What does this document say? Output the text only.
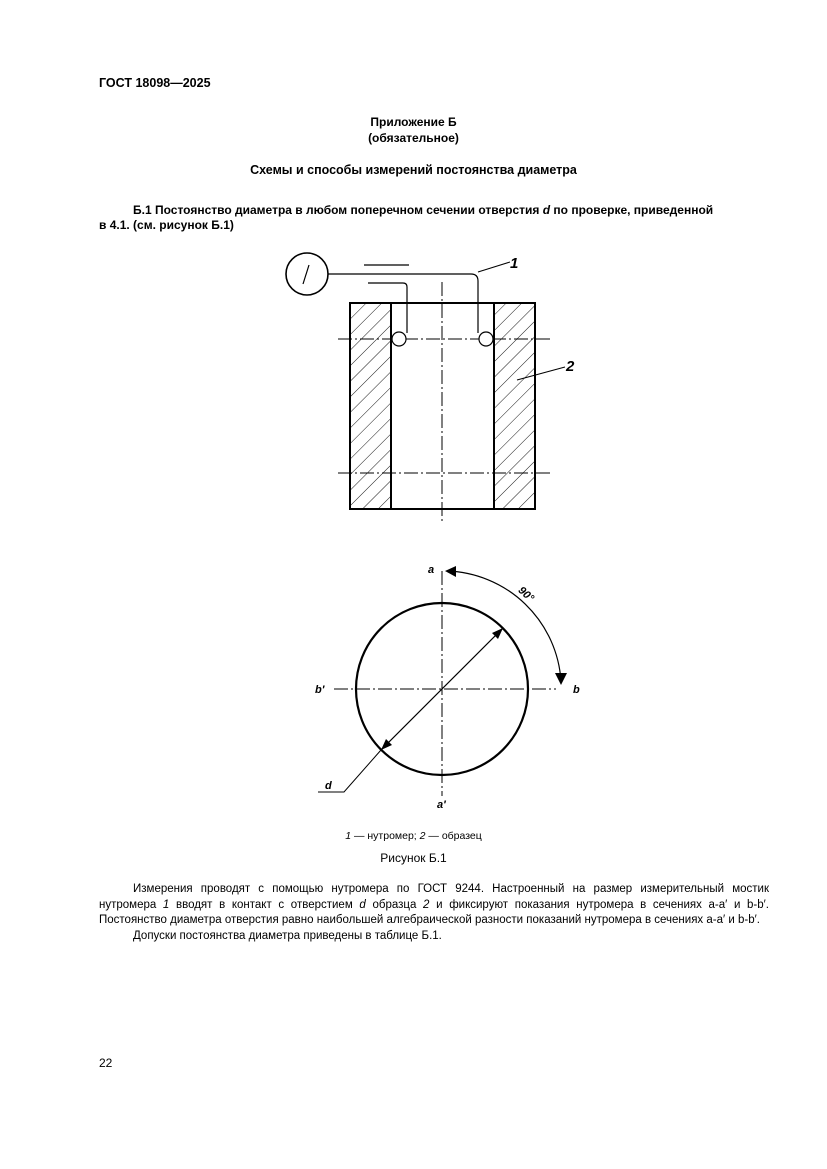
ГОСТ 18098—2025
Приложение Б
(обязательное)
Схемы и способы измерений постоянства диаметра
Б.1 Постоянство диаметра в любом поперечном сечении отверстия d по проверке, приведенной
в 4.1. (см. рисунок Б.1)
1
2
a
a′
b
b′
d
90°
1 — нутромер; 2 — образец
Рисунок Б.1

Измерения проводят с помощью нутромера по ГОСТ 9244. Настроенный на размер измерительный мостик нутромера 1 вводят в контакт с отверстием d образца 2 и фиксируют показания нутромера в сечениях a-a′ и b-b′. Постоянство диаметра отверстия равно наибольшей алгебраической разности показаний нутромера в сечениях a-a′ и b-b′.

Допуски постоянства диаметра приведены в таблице Б.1.

22
